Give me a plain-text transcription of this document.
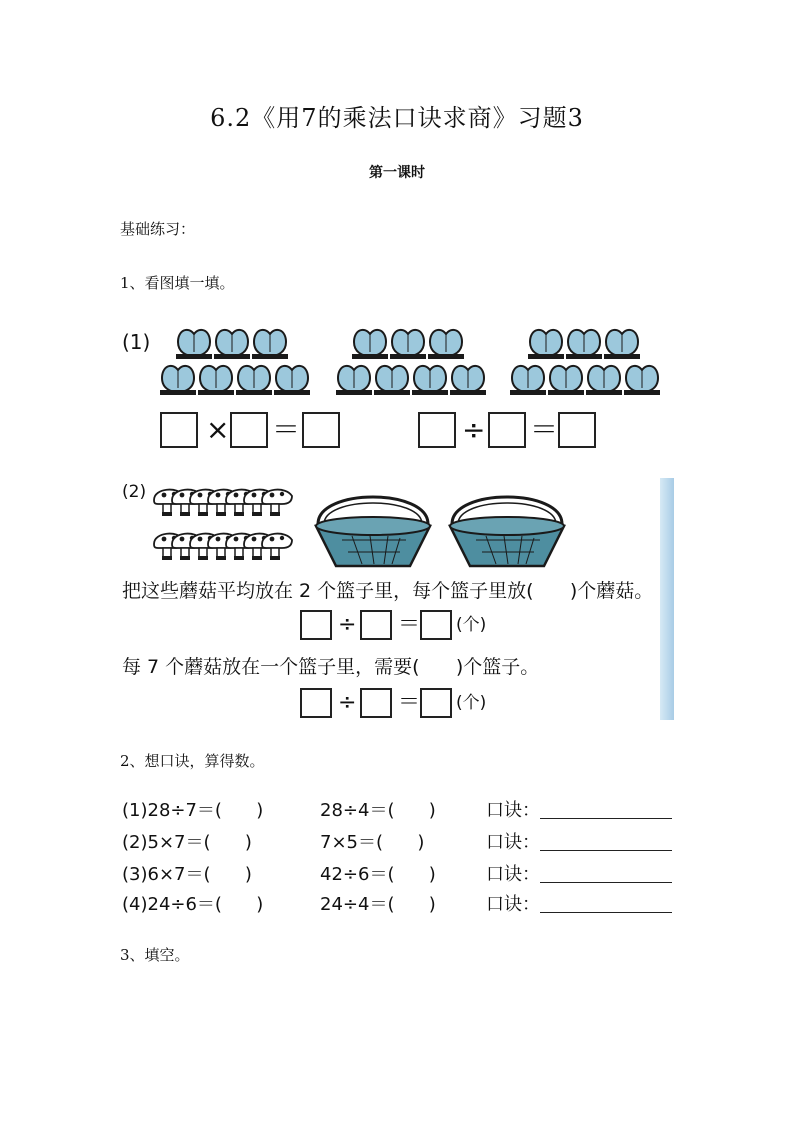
6.2《用7的乘法口诀求商》习题3
第一课时
基础练习：
1、看图填一填。
(1)
× ＝	÷ ＝
(2)
把这些蘑菇平均放在 2 个篮子里，每个篮子里放(      )个蘑菇。
÷ ＝ (个)
每 7 个蘑菇放在一个篮子里，需要(      )个篮子。
÷ ＝ (个)
2、想口诀，算得数。
(1)28÷7＝(      )	28÷4＝(      )	口诀：
(2)5×7＝(      )	7×5＝(      )	口诀：
(3)6×7＝(      )	42÷6＝(      )	口诀：
(4)24÷6＝(      )	24÷4＝(      )	口诀：
3、填空。
